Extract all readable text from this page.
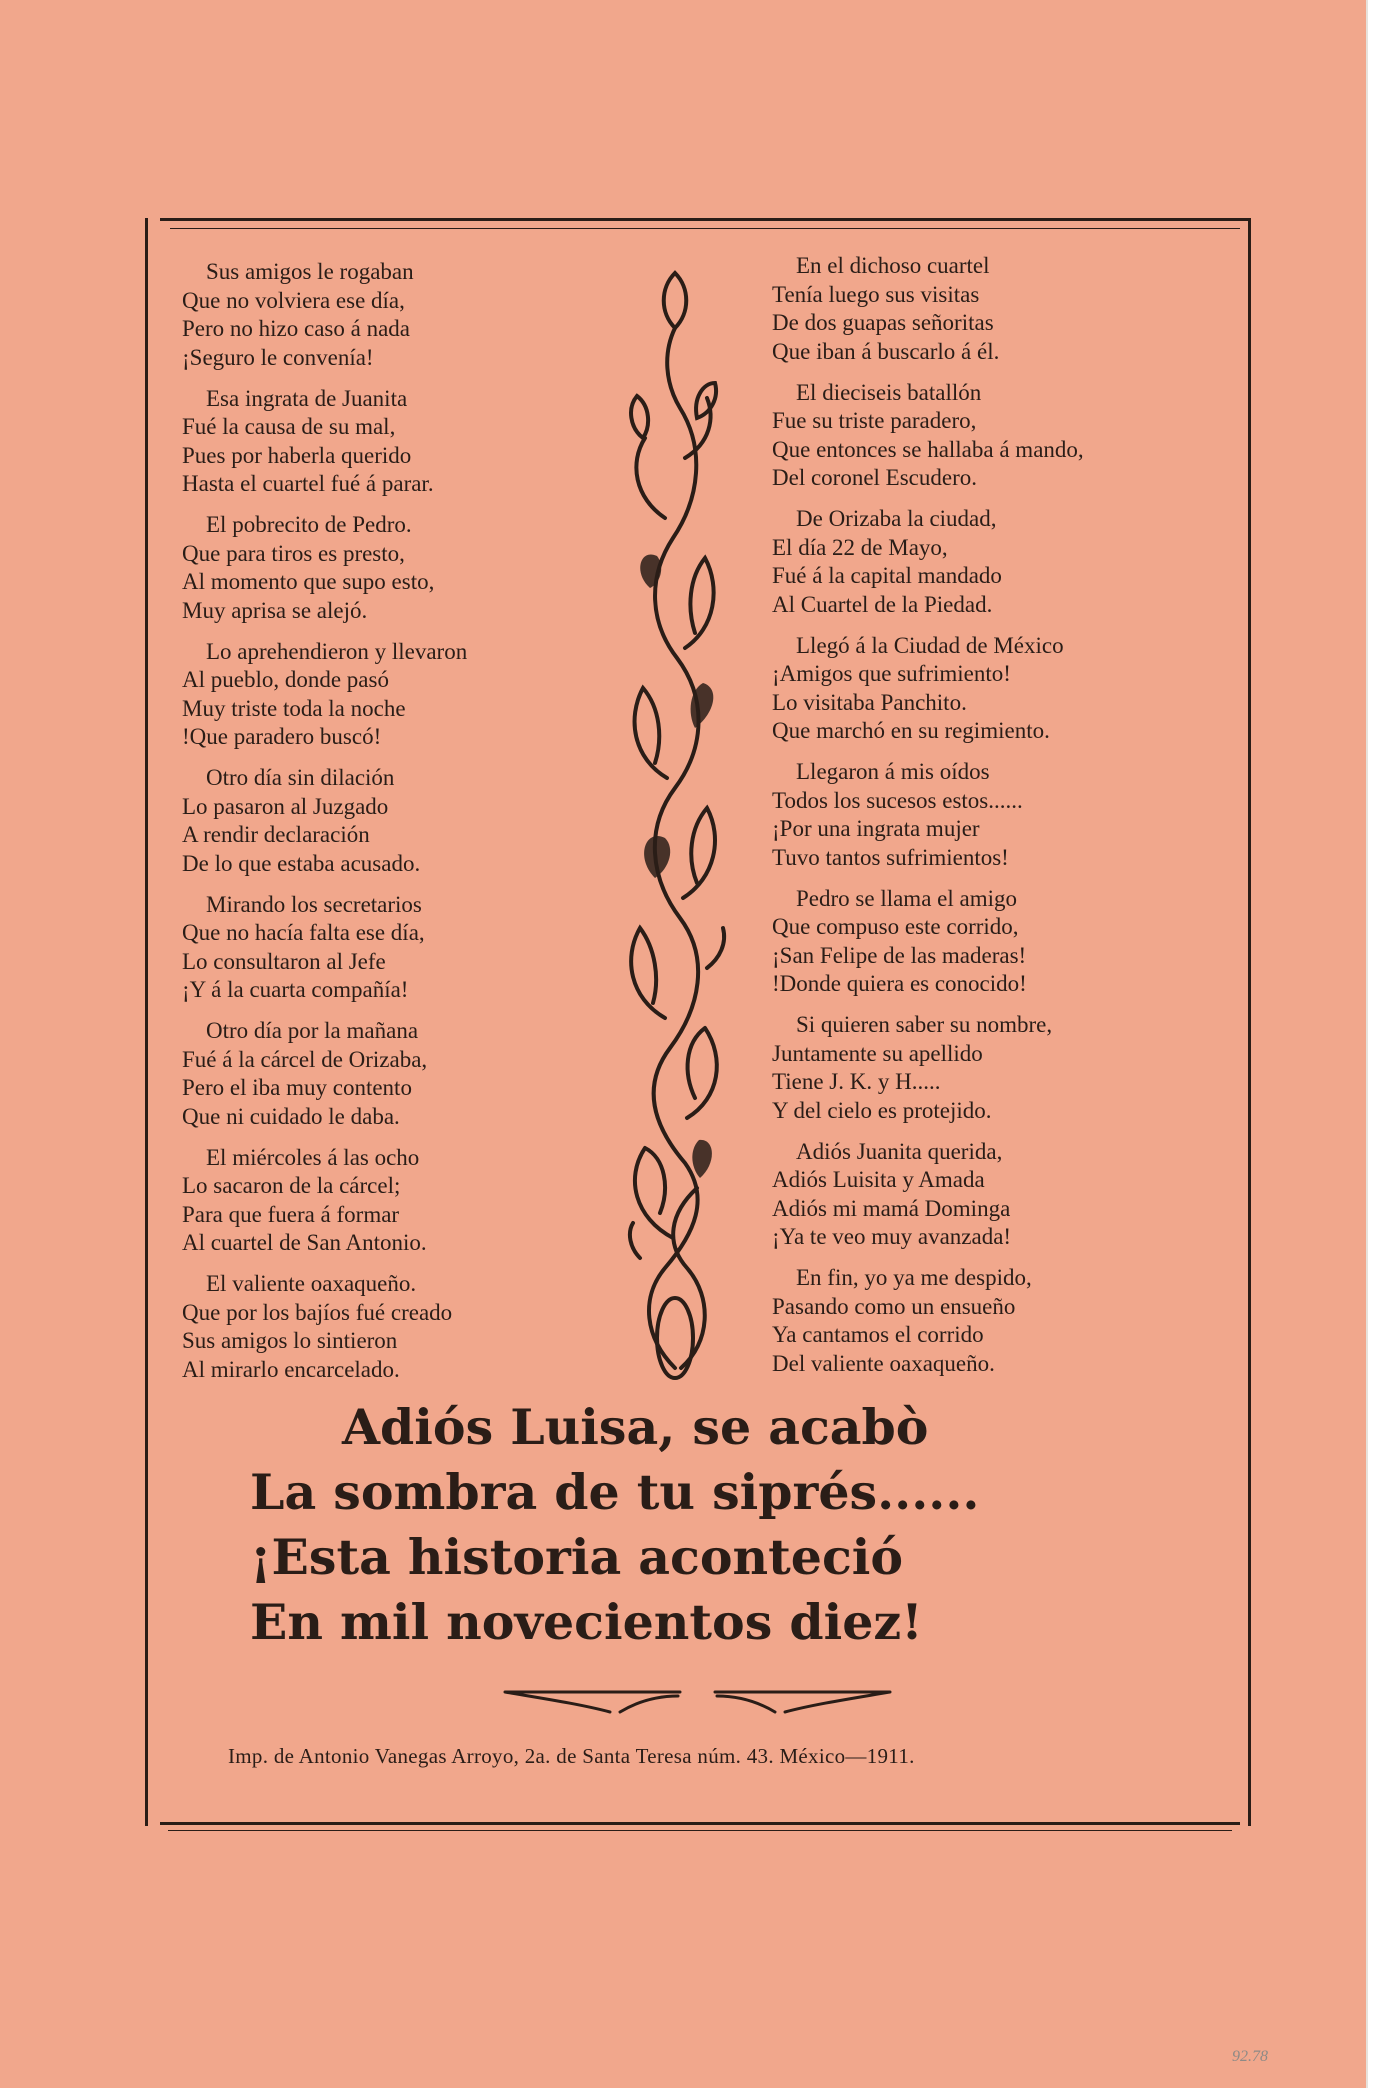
Sus amigos le rogaban
Que no volviera ese día,
Pero no hizo caso á nada
¡Seguro le convenía!
Esa ingrata de Juanita
Fué la causa de su mal,
Pues por haberla querido
Hasta el cuartel fué á parar.
El pobrecito de Pedro.
Que para tiros es presto,
Al momento que supo esto,
Muy aprisa se alejó.
Lo aprehendieron y llevaron
Al pueblo, donde pasó
Muy triste toda la noche
!Que paradero buscó!
Otro día sin dilación
Lo pasaron al Juzgado
A rendir declaración
De lo que estaba acusado.
Mirando los secretarios
Que no hacía falta ese día,
Lo consultaron al Jefe
¡Y á la cuarta compañía!
Otro día por la mañana
Fué á la cárcel de Orizaba,
Pero el iba muy contento
Que ni cuidado le daba.
El miércoles á las ocho
Lo sacaron de la cárcel;
Para que fuera á formar
Al cuartel de San Antonio.
El valiente oaxaqueño.
Que por los bajíos fué creado
Sus amigos lo sintieron
Al mirarlo encarcelado.
En el dichoso cuartel
Tenía luego sus visitas
De dos guapas señoritas
Que iban á buscarlo á él.
El dieciseis batallón
Fue su triste paradero,
Que entonces se hallaba á mando,
Del coronel Escudero.
De Orizaba la ciudad,
El día 22 de Mayo,
Fué á la capital mandado
Al Cuartel de la Piedad.
Llegó á la Ciudad de México
¡Amigos que sufrimiento!
Lo visitaba Panchito.
Que marchó en su regimiento.
Llegaron á mis oídos
Todos los sucesos estos......
¡Por una ingrata mujer
Tuvo tantos sufrimientos!
Pedro se llama el amigo
Que compuso este corrido,
¡San Felipe de las maderas!
!Donde quiera es conocido!
Si quieren saber su nombre,
Juntamente su apellido
Tiene J. K. y H.....
Y del cielo es protejido.
Adiós Juanita querida,
Adiós Luisita y Amada
Adiós mi mamá Dominga
¡Ya te veo muy avanzada!
En fin, yo ya me despido,
Pasando como un ensueño
Ya cantamos el corrido
Del valiente oaxaqueño.
Adiós Luisa, se acabò
La sombra de tu siprés......
¡Esta historia aconteció
En mil novecientos diez!
Imp. de Antonio Vanegas Arroyo, 2a. de Santa Teresa núm. 43. México—1911.
92.78
